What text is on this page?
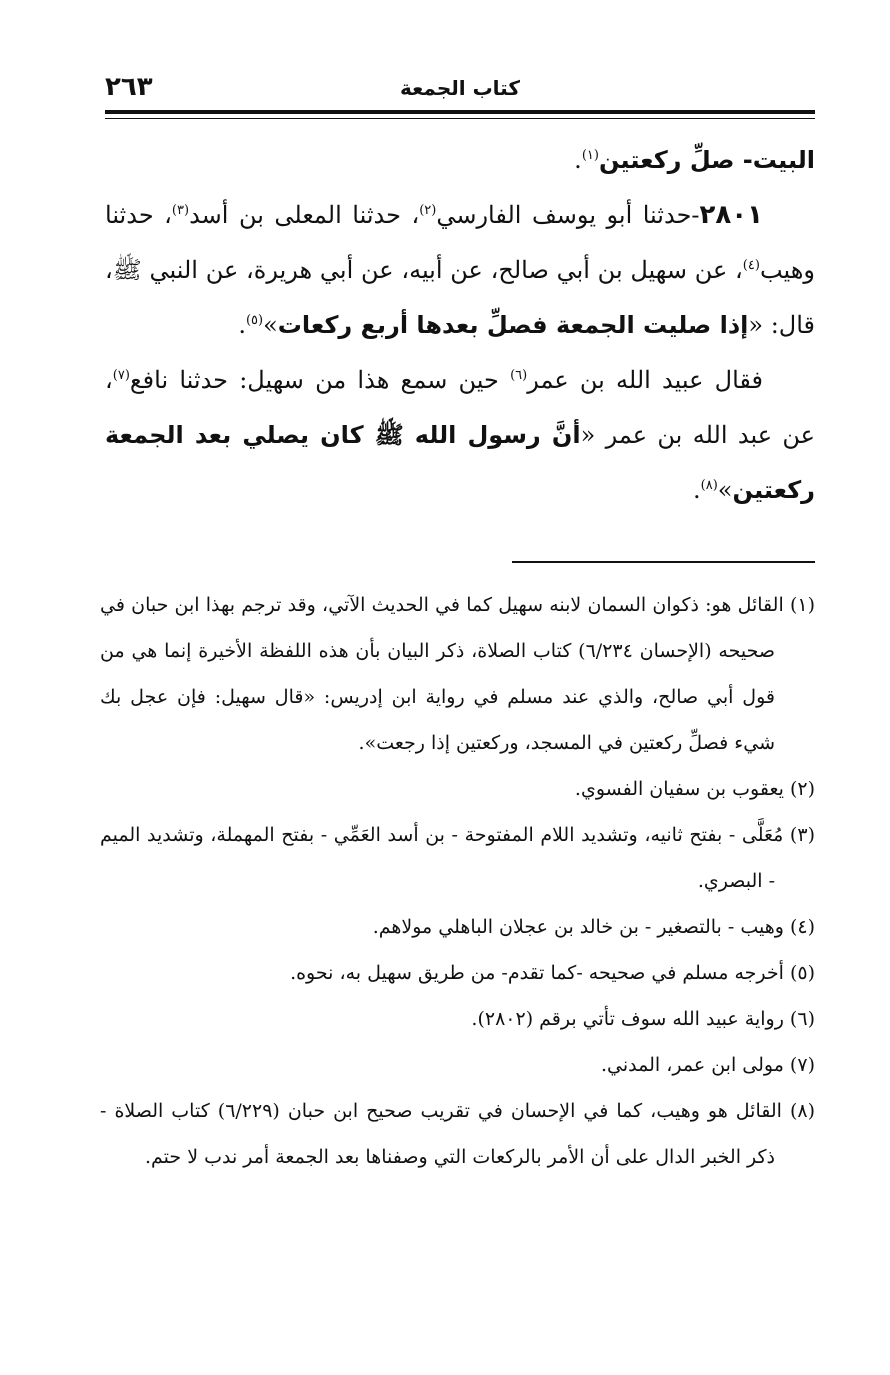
كتاب الجمعة
٢٦٣

البيت- صلِّ ركعتين$^{(١)}$.

٢٨٠١-حدثنا أبو يوسف الفارسي$^{(٢)}$، حدثنا المعلى بن أسد$^{(٣)}$، حدثنا وهيب$^{(٤)}$، عن سهيل بن أبي صالح، عن أبيه، عن أبي هريرة، عن النبي ﷺ، قال: «إذا صليت الجمعة فصلِّ بعدها أربع ركعات»$^{(٥)}$.

فقال عبيد الله بن عمر$^{(٦)}$ حين سمع هذا من سهيل: حدثنا نافع$^{(٧)}$، عن عبد الله بن عمر «أنَّ رسول الله ﷺ كان يصلي بعد الجمعة ركعتين»$^{(٨)}$.

(١) القائل هو: ذكوان السمان لابنه سهيل كما في الحديث الآتي، وقد ترجم بهذا ابن حبان في صحيحه (الإحسان ٦/٢٣٤) كتاب الصلاة، ذكر البيان بأن هذه اللفظة الأخيرة إنما هي من قول أبي صالح، والذي عند مسلم في رواية ابن إدريس: «قال سهيل: فإن عجل بك شيء فصلِّ ركعتين في المسجد، وركعتين إذا رجعت».

(٢) يعقوب بن سفيان الفسوي.

(٣) مُعَلَّى - بفتح ثانيه، وتشديد اللام المفتوحة - بن أسد العَمِّي - بفتح المهملة، وتشديد الميم - البصري.

(٤) وهيب - بالتصغير - بن خالد بن عجلان الباهلي مولاهم.

(٥) أخرجه مسلم في صحيحه -كما تقدم- من طريق سهيل به، نحوه.

(٦) رواية عبيد الله سوف تأتي برقم (٢٨٠٢).

(٧) مولى ابن عمر، المدني.

(٨) القائل هو وهيب، كما في الإحسان في تقريب صحيح ابن حبان (٦/٢٢٩) كتاب الصلاة - ذكر الخبر الدال على أن الأمر بالركعات التي وصفناها بعد الجمعة أمر ندب لا حتم.
